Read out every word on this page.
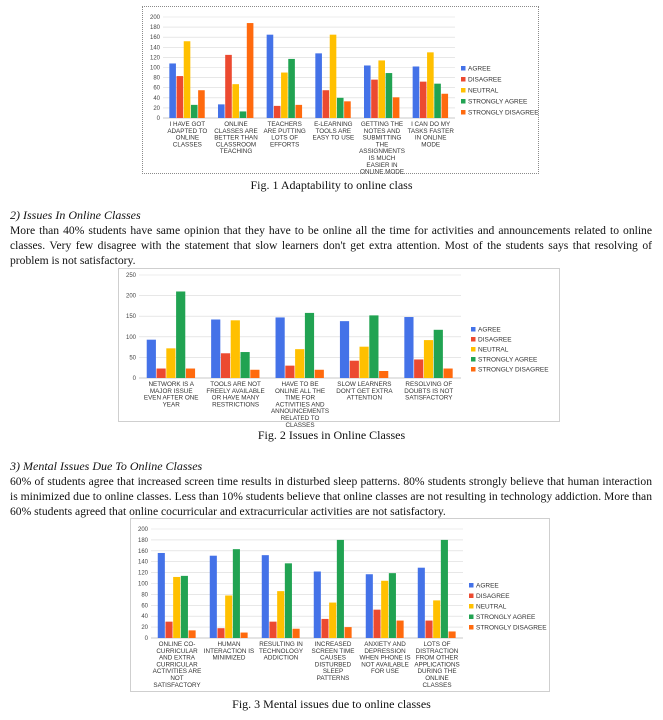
0
20
40
60
80
100
120
140
160
180
200
I HAVE GOT
ADAPTED TO
ONLINE
CLASSES
ONLINE
CLASSES ARE
BETTER THAN
CLASSROOM
TEACHING
TEACHERS
ARE PUTTING
LOTS OF
EFFORTS
E-LEARNING
TOOLS ARE
EASY TO USE
GETTING THE
NOTES AND
SUBMITTING
THE
ASSIGNMENTS
IS MUCH
EASIER IN
ONLINE MODE
I CAN DO MY
TASKS FASTER
IN ONLINE
MODE
AGREE
DISAGREE
NEUTRAL
STRONGLY AGREE
STRONGLY DISAGREE
Fig. 1 Adaptability to online class
2) Issues In Online Classes

More than 40% students have same opinion that they have to be online all the time for activities and announcements related to online classes. Very few disagree with the statement that slow learners don't get extra attention. Most of the students says that resolving of problem is not satisfactory.

0
50
100
150
200
250
NETWORK IS A
MAJOR ISSUE
EVEN AFTER ONE
YEAR
TOOLS ARE NOT
FREELY AVAILABLE
OR HAVE MANY
RESTRICTIONS
HAVE TO BE
ONLINE ALL THE
TIME FOR
ACTIVITIES AND
ANNOUNCEMENTS
RELATED TO
CLASSES
SLOW LEARNERS
DON'T GET EXTRA
ATTENTION
RESOLVING OF
DOUBTS IS NOT
SATISFACTORY
AGREE
DISAGREE
NEUTRAL
STRONGLY AGREE
STRONGLY DISAGREE
Fig. 2 Issues in Online Classes
3) Mental Issues Due To Online Classes

60% of students agree that increased screen time results in disturbed sleep patterns. 80% students strongly believe that human interaction is minimized due to online classes. Less than 10% students believe that online classes are not resulting in technology addiction. More than 60% students agreed that online cocurricular and extracurricular activities are not satisfactory.

0
20
40
60
80
100
120
140
160
180
200
ONLINE CO-
CURRICULAR
AND EXTRA
CURRICULAR
ACTIVITIES ARE
NOT
SATISFACTORY
HUMAN
INTERACTION IS
MINIMIZED
RESULTING IN
TECHNOLOGY
ADDICTION
INCREASED
SCREEN TIME
CAUSES
DISTURBED
SLEEP
PATTERNS
ANXIETY AND
DEPRESSION
WHEN PHONE IS
NOT AVAILABLE
FOR USE
LOTS OF
DISTRACTION
FROM OTHER
APPLICATIONS
DURING THE
ONLINE
CLASSES
AGREE
DISAGREE
NEUTRAL
STRONGLY AGREE
STRONGLY DISAGREE
Fig. 3 Mental issues due to online classes
